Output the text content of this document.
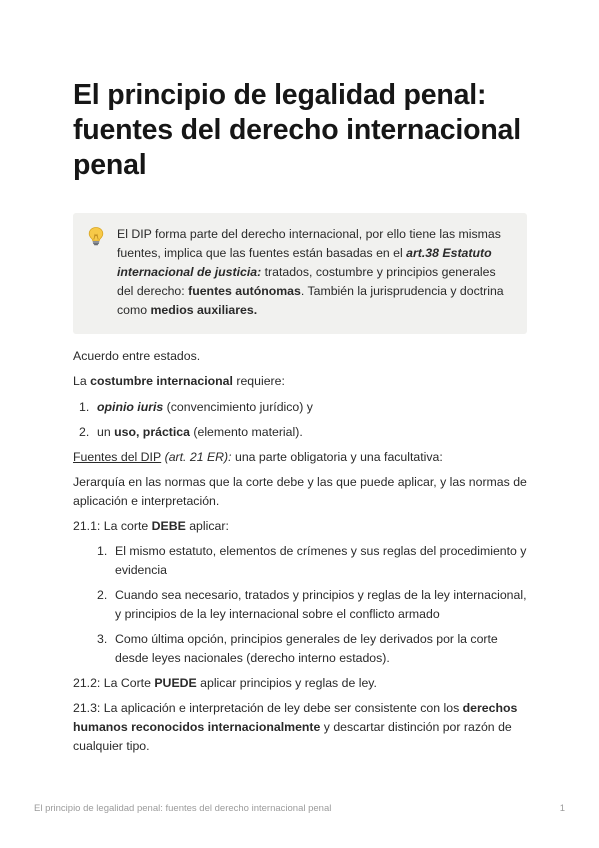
El principio de legalidad penal: fuentes del derecho internacional penal
El DIP forma parte del derecho internacional, por ello tiene las mismas fuentes, implica que las fuentes están basadas en el art.38 Estatuto internacional de justicia: tratados, costumbre y principios generales del derecho: fuentes autónomas. También la jurisprudencia y doctrina como medios auxiliares.

Acuerdo entre estados.

La costumbre internacional requiere:

1. opinio iuris (convencimiento jurídico) y
2. un uso, práctica (elemento material).

Fuentes del DIP (art. 21 ER): una parte obligatoria y una facultativa:

Jerarquía en las normas que la corte debe y las que puede aplicar, y las normas de aplicación e interpretación.

21.1: La corte DEBE aplicar:

1. El mismo estatuto, elementos de crímenes y sus reglas del procedimiento y evidencia
2. Cuando sea necesario, tratados y principios y reglas de la ley internacional, y principios de la ley internacional sobre el conflicto armado
3. Como última opción, principios generales de ley derivados por la corte desde leyes nacionales (derecho interno estados).

21.2: La Corte PUEDE aplicar principios y reglas de ley.

21.3: La aplicación e interpretación de ley debe ser consistente con los derechos humanos reconocidos internacionalmente y descartar distinción por razón de cualquier tipo.

El principio de legalidad penal: fuentes del derecho internacional penal	1
